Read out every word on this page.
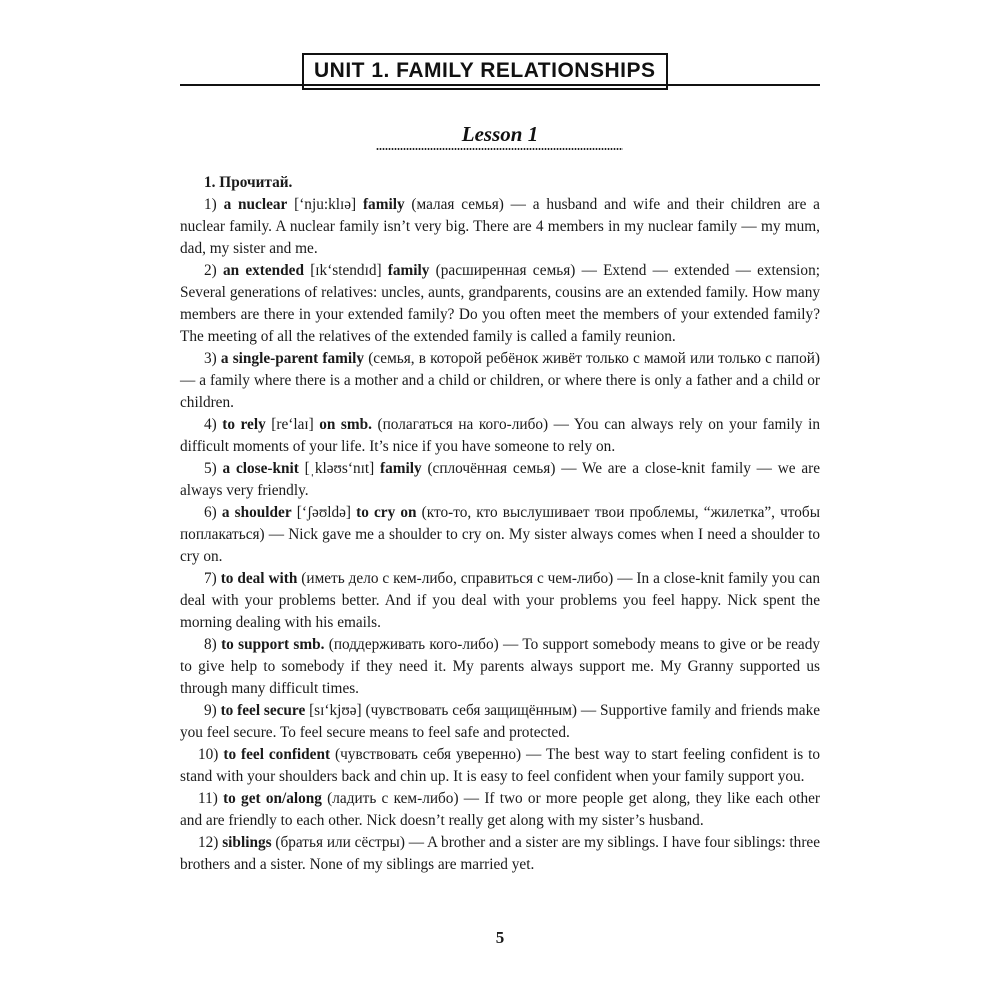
UNIT 1. FAMILY RELATIONSHIPS
Lesson 1

1. Прочитай.

1) a nuclear [‘nju:klɪə] family (малая семья) — a husband and wife and their children are a nuclear family. A nuclear family isn’t very big. There are 4 members in my nuclear family — my mum, dad, my sister and me.

2) an extended [ɪk‘stendɪd] family (расширенная семья) — Extend — extended — extension; Several generations of relatives: uncles, aunts, grandparents, cousins are an extended family. How many members are there in your extended family? Do you often meet the members of your extended family? The meeting of all the relatives of the extended family is called a family reunion.

3) a single-parent family (семья, в которой ребёнок живёт только с мамой или только с папой) — a family where there is a mother and a child or children, or where there is only a father and a child or children.

4) to rely [re‘laɪ] on smb. (полагаться на кого-либо) — You can always rely on your family in difficult moments of your life. It’s nice if you have someone to rely on.

5) a close-knit [ˌkləʊs‘nɪt] family (сплочённая семья) — We are a close-knit family — we are always very friendly.

6) a shoulder [‘ʃəʊldə] to cry on (кто-то, кто выслушивает твои проблемы, “жилетка”, чтобы поплакаться) — Nick gave me a shoulder to cry on. My sister always comes when I need a shoulder to cry on.

7) to deal with (иметь дело с кем-либо, справиться с чем-либо) — In a close-knit family you can deal with your problems better. And if you deal with your problems you feel happy. Nick spent the morning dealing with his emails.

8) to support smb. (поддерживать кого-либо) — To support somebody means to give or be ready to give help to somebody if they need it. My parents always support me. My Granny supported us through many difficult times.

9) to feel secure [sɪ‘kjʊə] (чувствовать себя защищённым) — Supportive family and friends make you feel secure. To feel secure means to feel safe and protected.

10) to feel confident (чувствовать себя уверенно) — The best way to start feeling confident is to stand with your shoulders back and chin up. It is easy to feel confident when your family support you.

11) to get on/along (ладить с кем-либо) — If two or more people get along, they like each other and are friendly to each other. Nick doesn’t really get along with my sister’s husband.

12) siblings (братья или сёстры) — A brother and a sister are my siblings. I have four siblings: three brothers and a sister. None of my siblings are married yet.

5
